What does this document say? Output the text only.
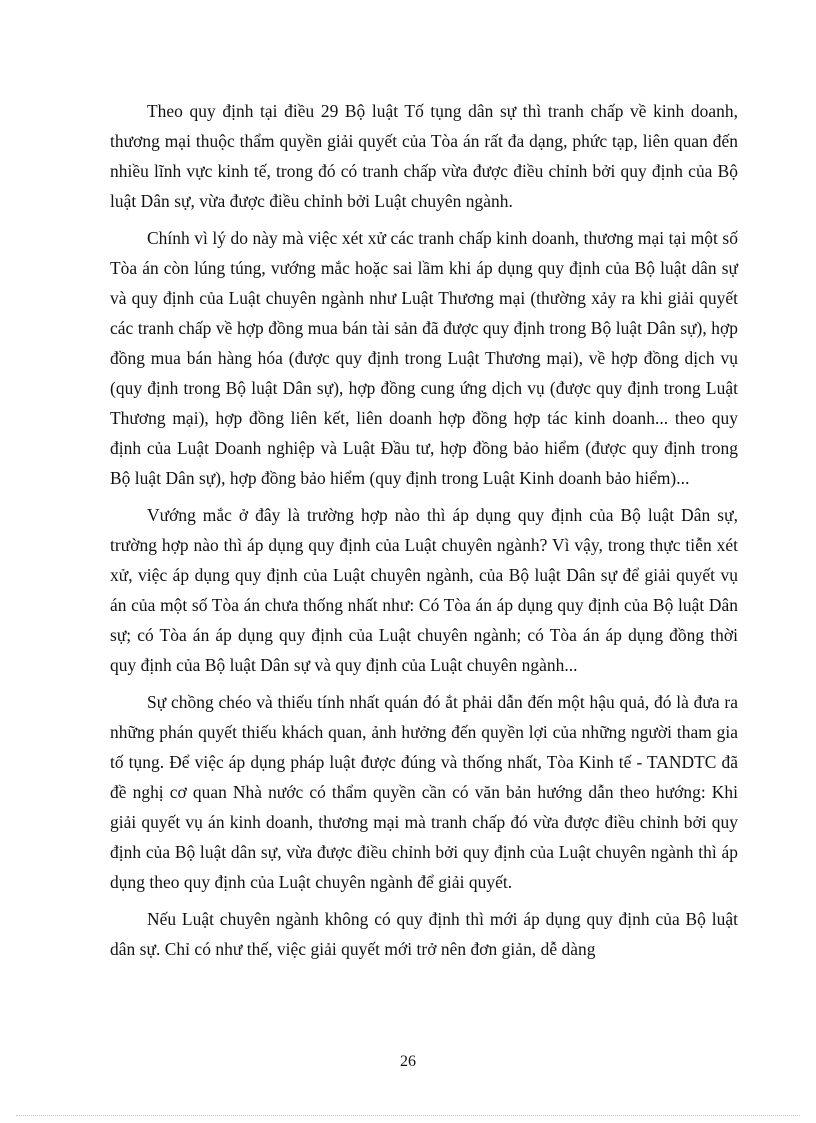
Theo quy định tại điều 29 Bộ luật Tố tụng dân sự thì tranh chấp về kinh doanh, thương mại thuộc thẩm quyền giải quyết của Tòa án rất đa dạng, phức tạp, liên quan đến nhiều lĩnh vực kinh tế, trong đó có tranh chấp vừa được điều chỉnh bởi quy định của Bộ luật Dân sự, vừa được điều chỉnh bởi Luật chuyên ngành.

Chính vì lý do này mà việc xét xử các tranh chấp kinh doanh, thương mại tại một số Tòa án còn lúng túng, vướng mắc hoặc sai lầm khi áp dụng quy định của Bộ luật dân sự và quy định của Luật chuyên ngành như Luật Thương mại (thường xảy ra khi giải quyết các tranh chấp về hợp đồng mua bán tài sản đã được quy định trong Bộ luật Dân sự), hợp đồng mua bán hàng hóa (được quy định trong Luật Thương mại), về hợp đồng dịch vụ (quy định trong Bộ luật Dân sự), hợp đồng cung ứng dịch vụ (được quy định trong Luật Thương mại), hợp đồng liên kết, liên doanh hợp đồng hợp tác kinh doanh... theo quy định của Luật Doanh nghiệp và Luật Đầu tư, hợp đồng bảo hiểm (được quy định trong Bộ luật Dân sự), hợp đồng bảo hiểm (quy định trong Luật Kinh doanh bảo hiểm)...

Vướng mắc ở đây là trường hợp nào thì áp dụng quy định của Bộ luật Dân sự, trường hợp nào thì áp dụng quy định của Luật chuyên ngành? Vì vậy, trong thực tiễn xét xử, việc áp dụng quy định của Luật chuyên ngành, của Bộ luật Dân sự để giải quyết vụ án của một số Tòa án chưa thống nhất như: Có Tòa án áp dụng quy định của Bộ luật Dân sự; có Tòa án áp dụng quy định của Luật chuyên ngành; có Tòa án áp dụng đồng thời quy định của Bộ luật Dân sự và quy định của Luật chuyên ngành...

Sự chồng chéo và thiếu tính nhất quán đó ắt phải dẫn đến một hậu quả, đó là đưa ra những phán quyết thiếu khách quan, ảnh hưởng đến quyền lợi của những người tham gia tố tụng. Để việc áp dụng pháp luật được đúng và thống nhất, Tòa Kinh tế - TANDTC đã đề nghị cơ quan Nhà nước có thẩm quyền cần có văn bản hướng dẫn theo hướng: Khi giải quyết vụ án kinh doanh, thương mại mà tranh chấp đó vừa được điều chỉnh bởi quy định của Bộ luật dân sự, vừa được điều chỉnh bởi quy định của Luật chuyên ngành thì áp dụng theo quy định của Luật chuyên ngành để giải quyết.

Nếu Luật chuyên ngành không có quy định thì mới áp dụng quy định của Bộ luật dân sự. Chỉ có như thế, việc giải quyết mới trở nên đơn giản, dễ dàng

26
